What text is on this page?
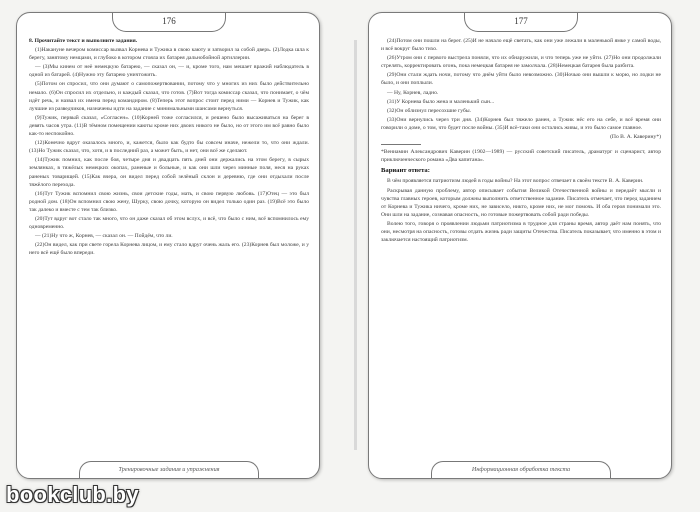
176

8. Прочитайте текст и выполните задания.

(1)Накануне вечером комиссар вызвал Корнева и Тужика в свою каюту и затворил за собой дверь. (2)Лодка шла к берегу, занятому немцами, и глубоко в котором стояла их батарея дальнобойной артиллерии.

— (3)Мы кинем от неё немецкую батарею, — сказал он, — и, кроме того, нам мешает вражий наблюдатель в одной из батарей. (4)Нужно эту батарею уничтожить.

(5)Потом он спросил, что они думают о самопожертвовании, потому что у многих из них было действительно немало. (6)Он спросил их отдельно, и каждый сказал, что готов. (7)Вот тогда комиссар сказал, что понимает, о чём идёт речь, и назвал их имена перед командиром. (8)Теперь этот вопрос стоит перед ними — Корнев и Тужик, как лучшие из разведчиков, назначены идти на задание с минимальными шансами вернуться.

(9)Тужик, первый сказал, «Согласен». (10)Корней тоже согласился, и решено было высаживаться на берег в девять часов утра. (11)В тёмном помещении каюты кроме них двоих никого не было, но от этого им всё равно было как-то неспокойно.

(12)Конечно вдруг оказалось много, и, кажется, было как будто бы совсем иначе, нежели то, что они ждали. (13)Но Тужик сказал, что, хотя, и в последний раз, а может быть, и нет, они всё же сделают.

(14)Тужик помнил, как после боя, четыре дня и двадцать пять дней они держались на этом берегу, в сырых землянках, в тяжёлых немецких окопах, раненые и больные, и как они шли через минные поля, неся на руках раненых товарищей. (15)Как вчера, он видел перед собой зелёный склон и деревню, где они отдыхали после тяжёлого перехода.

(16)Тут Тужик вспомнил свою жизнь, свои детские годы, мать, и свою первую любовь. (17)Отец — это был родной дом. (18)Он вспомнил свою жену, Шурку, свою дочку, которую он видел только один раз. (19)Всё это было так далеко и вместе с тем так близко.

(20)Тут вдруг вот стало так много, что он даже сказал об этом вслух, и всё, что было с ним, всё вспомнилось ему одновременно.

— (21)Ну что ж, Корнев, — сказал он. — Пойдём, что ли.

(22)Он видел, как при свете горела Корнева лицом, и ему стало вдруг очень жаль его. (23)Корнев был моложе, и у него всё ещё было впереди.

Тренировочные задания и упражнения
177

(24)Потом они пошли на берег. (25)И не начало ещё светать, как они уже лежали в маленькой ямке у самой воды, и всё вокруг было тихо.

(26)Утром они с первого выстрела поняли, что их обнаружили, и что теперь уже не уйти. (27)Но они продолжали стрелять, корректировать огонь, пока немецкая батарея не замолчала. (28)Немецкая батарея была разбита.

(29)Они стали ждать ночи, потому что днём уйти было невозможно. (30)Ночью они вышли к морю, но лодки не было, и они поплыли.

— Ну, Корнев, ладно.

(31)У Корнева было жена и маленький сын...

(32)Он облизнул пересохшие губы.

(33)Они вернулись через три дня. (34)Корнев был тяжело ранен, а Тужик нёс его на себе, и всё время они говорили о доме, о том, что будет после войны. (35)И всё-таки они остались живы, и это было самое главное.

(По В. А. Каверину*)

*Вениамин Александрович Каверин (1902—1989) — русский советский писатель, драматург и сценарист, автор приключенческого романа «Два капитана».

Вариант ответа:

В чём проявляется патриотизм людей в годы войны? На этот вопрос отвечает в своём тексте В. А. Каверин.

Раскрывая данную проблему, автор описывает события Великой Отечественной войны и передаёт мысли и чувства главных героев, которым должны выполнить ответственное задание. Писатель отмечает, что перед заданием от Корнева и Тужика ничего, кроме них, не зависело, никто, кроме них, не мог помочь. И оба героя понимали это. Они шли на задание, сознавая опасность, но готовые пожертвовать собой ради победы.

Волею того, говоря о проявлении людьми патриотизма в трудное для страны время, автор даёт нам понять, что они, несмотря на опасность, готовы отдать жизнь ради защиты Отечества. Писатель показывает, что именно в этом и заключается настоящий патриотизм.

Информационная обработка текста
bookclub.by
